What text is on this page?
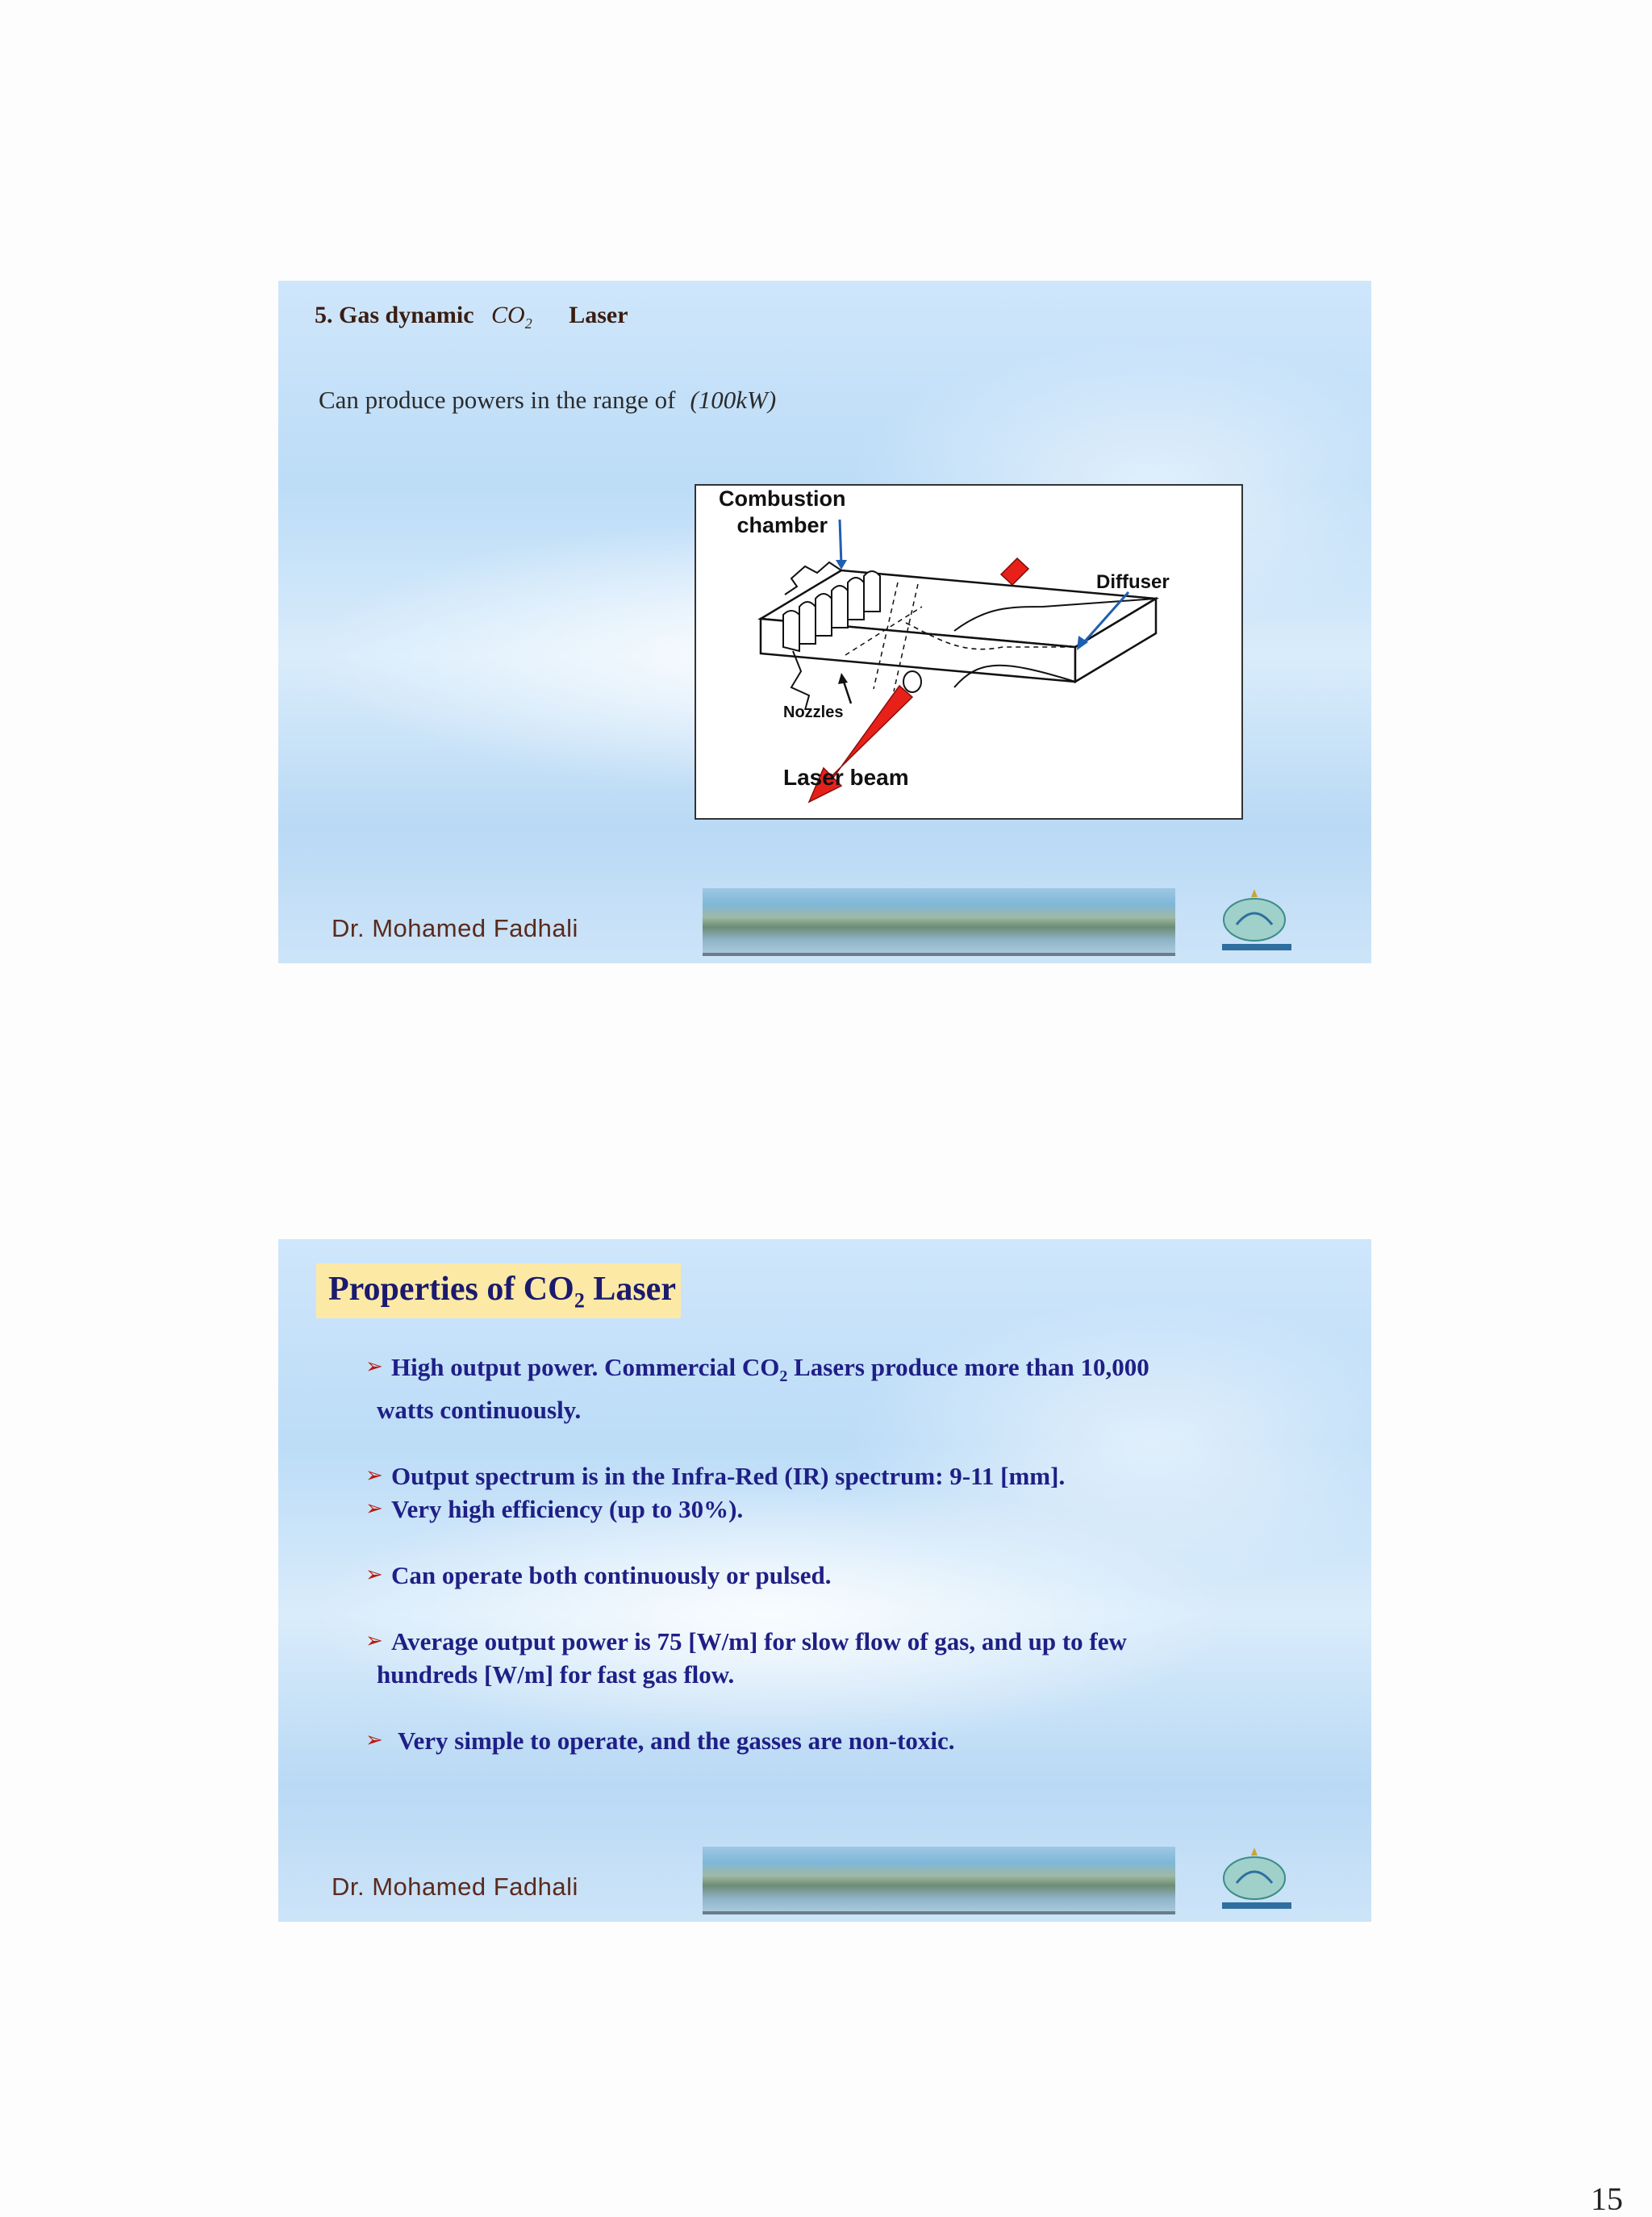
5. Gas dynamic $CO_2$ Laser
Can produce powers in the range of (100kW)
Combustion
chamber
Diffuser
Nozzles
Laser beam
Dr. Mohamed Fadhali
Properties of $CO_2$ Laser
➢ High output power. Commercial $CO_2$ Lasers produce more than 10,000
watts continuously.
➢ Output spectrum is in the Infra-Red (IR) spectrum: 9-11 [mm].
➢ Very high efficiency (up to 30%).
➢ Can operate both continuously or pulsed.
➢ Average output power is 75 [W/m] for slow flow of gas, and up to few
hundreds [W/m] for fast gas flow.
➢ Very simple to operate, and the gasses are non-toxic.
Dr. Mohamed Fadhali
15
